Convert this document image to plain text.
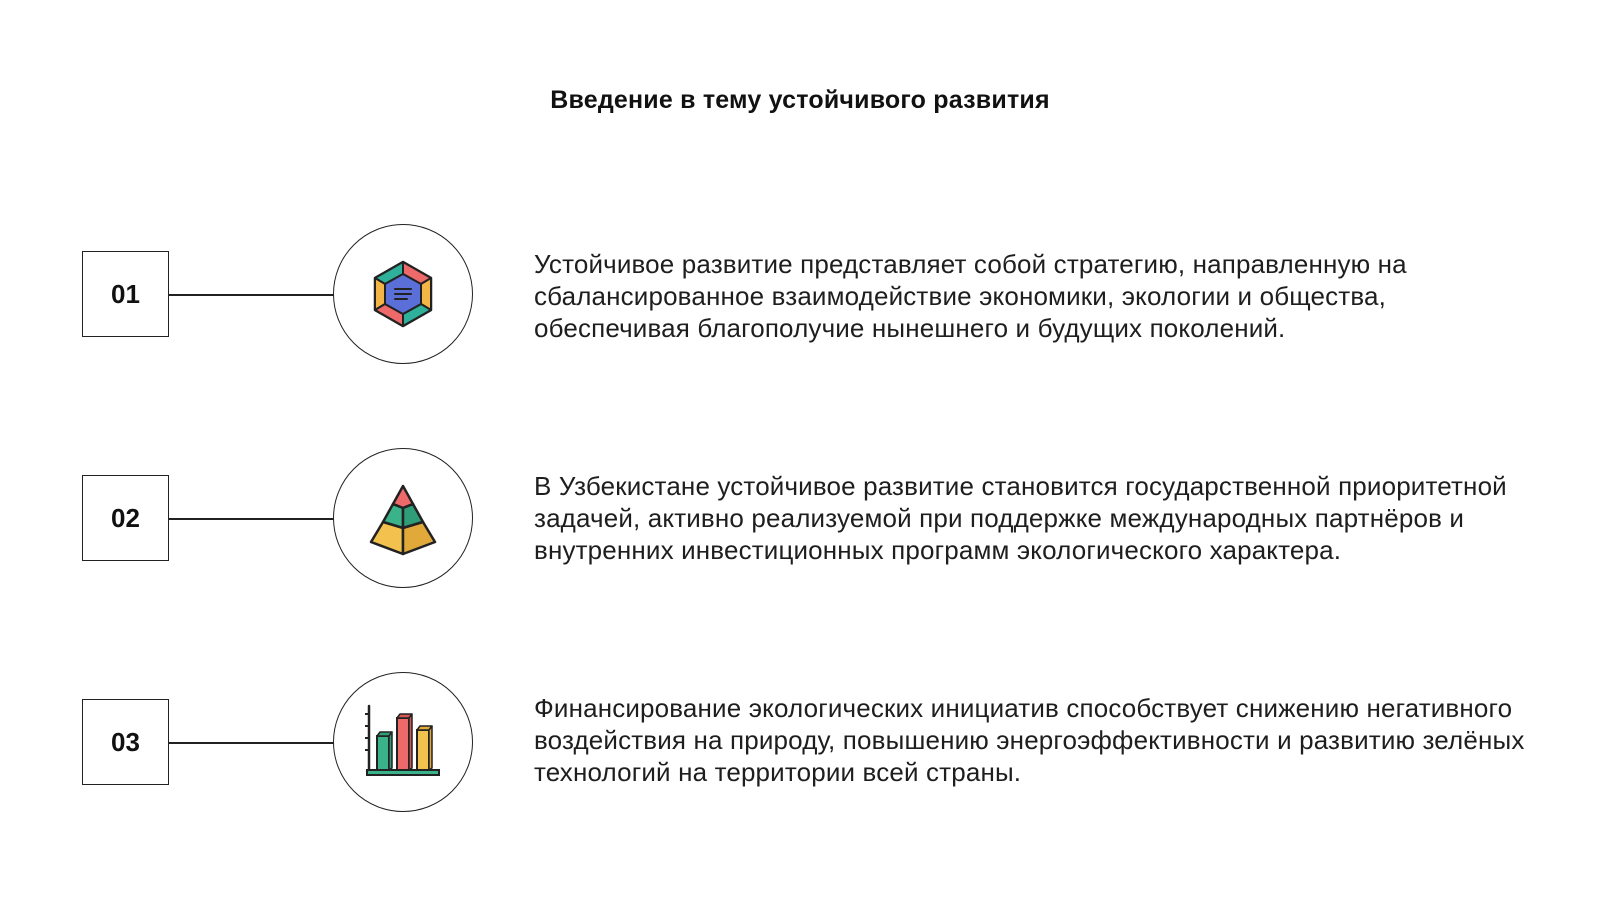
Введение в тему устойчивого развития
01
Устойчивое развитие представляет собой стратегию, направленную на сбалансированное взаимодействие экономики, экологии и общества, обеспечивая благополучие нынешнего и будущих поколений.
02
В Узбекистане устойчивое развитие становится государственной приоритетной задачей, активно реализуемой при поддержке международных партнёров и внутренних инвестиционных программ экологического характера.
03
Финансирование экологических инициатив способствует снижению негативного воздействия на природу, повышению энергоэффективности и развитию зелёных технологий на территории всей страны.
